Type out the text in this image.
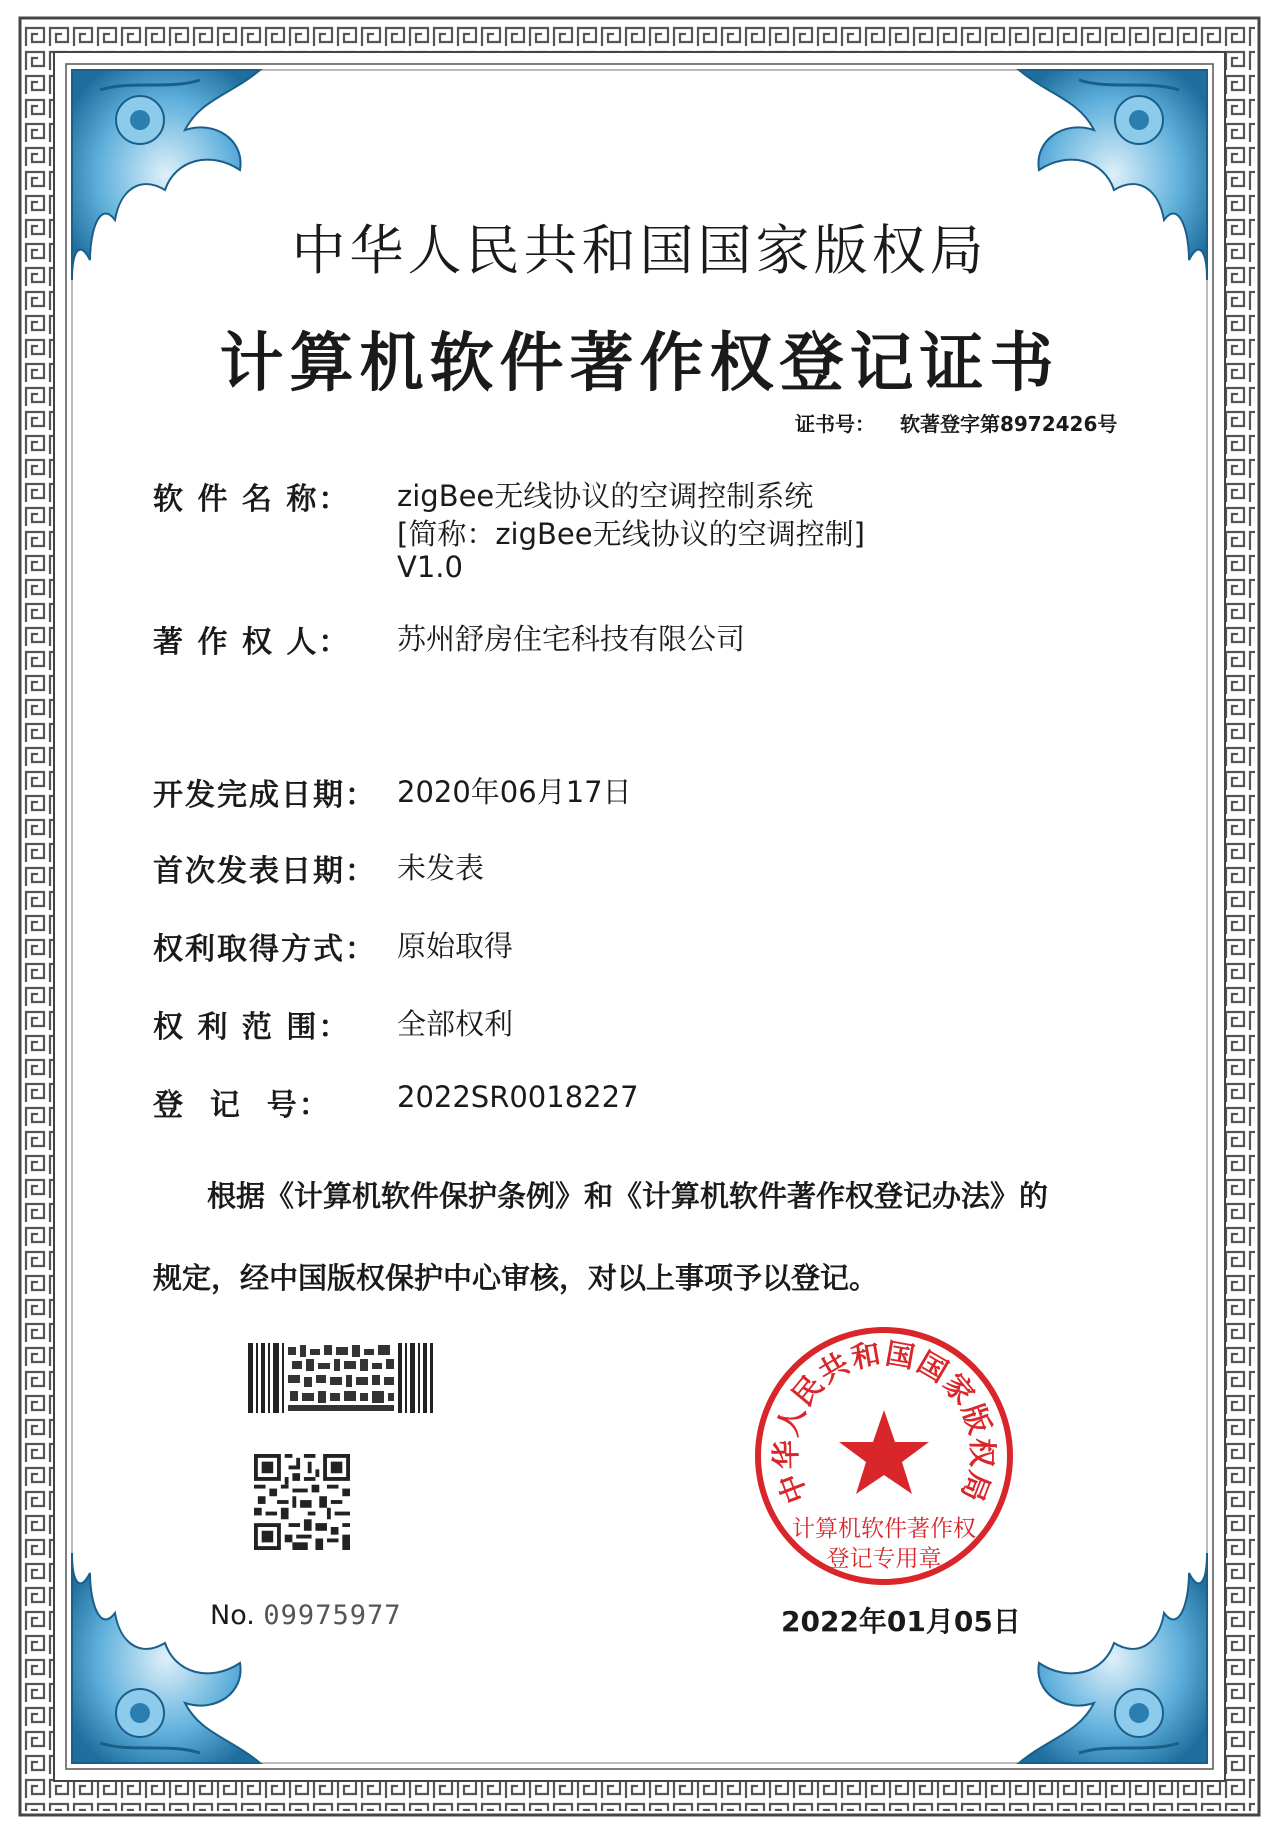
中华人民共和国国家版权局
计算机软件著作权登记证书
证书号： 软著登字第8972426号
软 件 名 称： zigBee无线协议的空调控制系统
[简称：zigBee无线协议的空调控制]
V1.0
著 作 权 人： 苏州舒房住宅科技有限公司
开发完成日期： 2020年06月17日
首次发表日期： 未发表
权利取得方式： 原始取得
权 利 范 围： 全部权利
登  记  号： 2022SR0018227
根据《计算机软件保护条例》和《计算机软件著作权登记办法》的
规定，经中国版权保护中心审核，对以上事项予以登记。
No. 09975977
中华人民共和国国家版权局
计算机软件著作权
登记专用章
2022年01月05日
